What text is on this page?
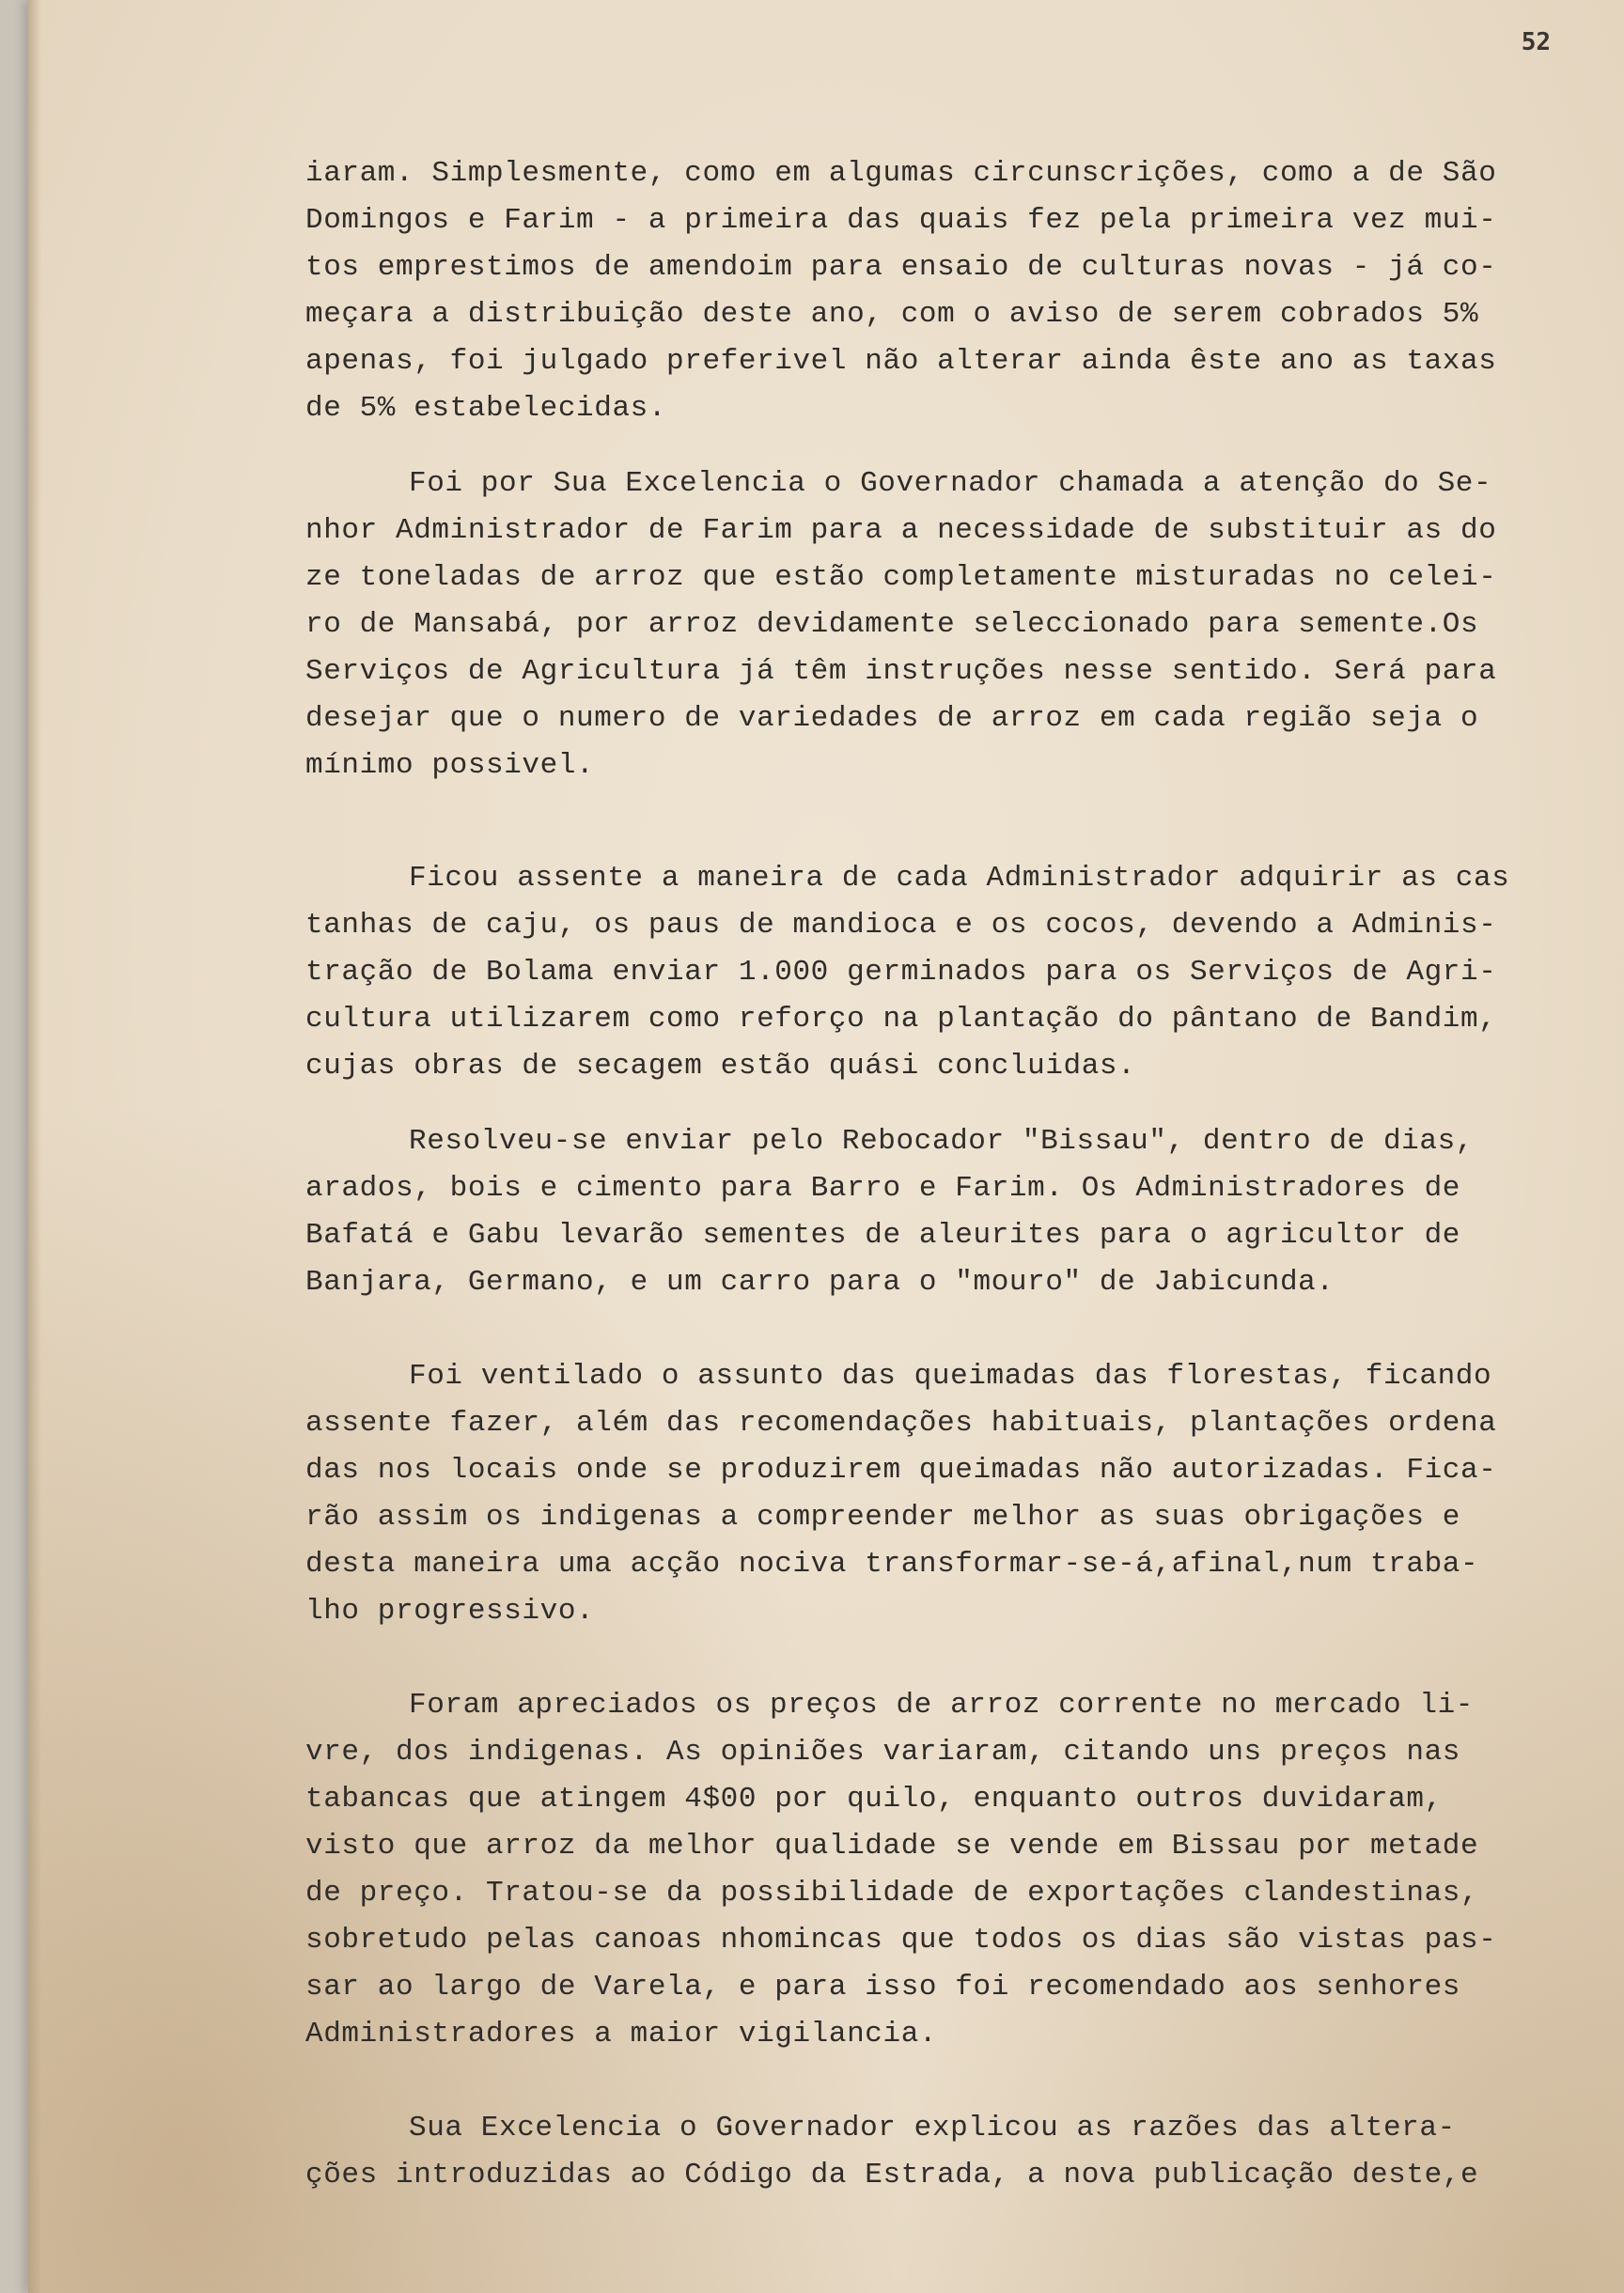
52

iaram. Simplesmente, como em algumas circunscrições, como a de São
Domingos e Farim - a primeira das quais fez pela primeira vez mui-
tos emprestimos de amendoim para ensaio de culturas novas - já co-
meçara a distribuição deste ano, com o aviso de serem cobrados 5%
apenas, foi julgado preferivel não alterar ainda êste ano as taxas
de 5% estabelecidas.

Foi por Sua Excelencia o Governador chamada a atenção do Se-
nhor Administrador de Farim para a necessidade de substituir as do
ze toneladas de arroz que estão completamente misturadas no celei-
ro de Mansabá, por arroz devidamente seleccionado para semente.Os
Serviços de Agricultura já têm instruções nesse sentido. Será para
desejar que o numero de variedades de arroz em cada região seja o
mínimo possivel.

Ficou assente a maneira de cada Administrador adquirir as cas
tanhas de caju, os paus de mandioca e os cocos, devendo a Adminis-
tração de Bolama enviar 1.000 germinados para os Serviços de Agri-
cultura utilizarem como reforço na plantação do pântano de Bandim,
cujas obras de secagem estão quási concluidas.

Resolveu-se enviar pelo Rebocador "Bissau", dentro de dias,
arados, bois e cimento para Barro e Farim. Os Administradores de
Bafatá e Gabu levarão sementes de aleurites para o agricultor de
Banjara, Germano, e um carro para o "mouro" de Jabicunda.

Foi ventilado o assunto das queimadas das florestas, ficando
assente fazer, além das recomendações habituais, plantações ordena
das nos locais onde se produzirem queimadas não autorizadas. Fica-
rão assim os indigenas a compreender melhor as suas obrigações e
desta maneira uma acção nociva transformar-se-á,afinal,num traba-
lho progressivo.

Foram apreciados os preços de arroz corrente no mercado li-
vre, dos indigenas. As opiniões variaram, citando uns preços nas
tabancas que atingem 4$00 por quilo, enquanto outros duvidaram,
visto que arroz da melhor qualidade se vende em Bissau por metade
de preço. Tratou-se da possibilidade de exportações clandestinas,
sobretudo pelas canoas nhomincas que todos os dias são vistas pas-
sar ao largo de Varela, e para isso foi recomendado aos senhores
Administradores a maior vigilancia.

Sua Excelencia o Governador explicou as razões das altera-
ções introduzidas ao Código da Estrada, a nova publicação deste,e
